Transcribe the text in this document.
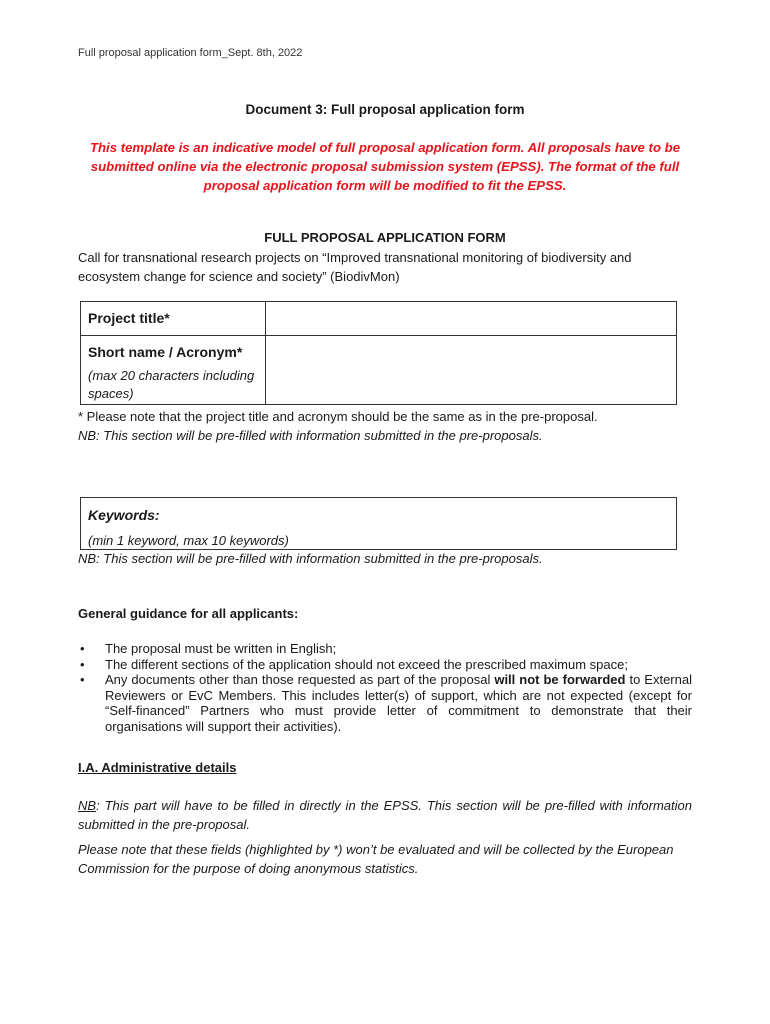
Full proposal application form_Sept. 8th, 2022
Document 3: Full proposal application form
This template is an indicative model of full proposal application form. All proposals have to be submitted online via the electronic proposal submission system (EPSS). The format of the full proposal application form will be modified to fit the EPSS.
FULL PROPOSAL APPLICATION FORM
Call for transnational research projects on “Improved transnational monitoring of biodiversity and ecosystem change for science and society” (BiodivMon)
Project title*	

Short name / Acronym*
(max 20 characters including spaces)	

* Please note that the project title and acronym should be the same as in the pre-proposal.
NB: This section will be pre-filled with information submitted in the pre-proposals.
Keywords:
(min 1 keyword, max 10 keywords)
NB: This section will be pre-filled with information submitted in the pre-proposals.
General guidance for all applicants:
• The proposal must be written in English;
• The different sections of the application should not exceed the prescribed maximum space;
• Any documents other than those requested as part of the proposal will not be forwarded to External Reviewers or EvC Members. This includes letter(s) of support, which are not expected (except for “Self-financed” Partners who must provide letter of commitment to demonstrate that their organisations will support their activities).
I.A. Administrative details
NB: This part will have to be filled in directly in the EPSS. This section will be pre-filled with information submitted in the pre-proposal.
Please note that these fields (highlighted by *) won’t be evaluated and will be collected by the European Commission for the purpose of doing anonymous statistics.
